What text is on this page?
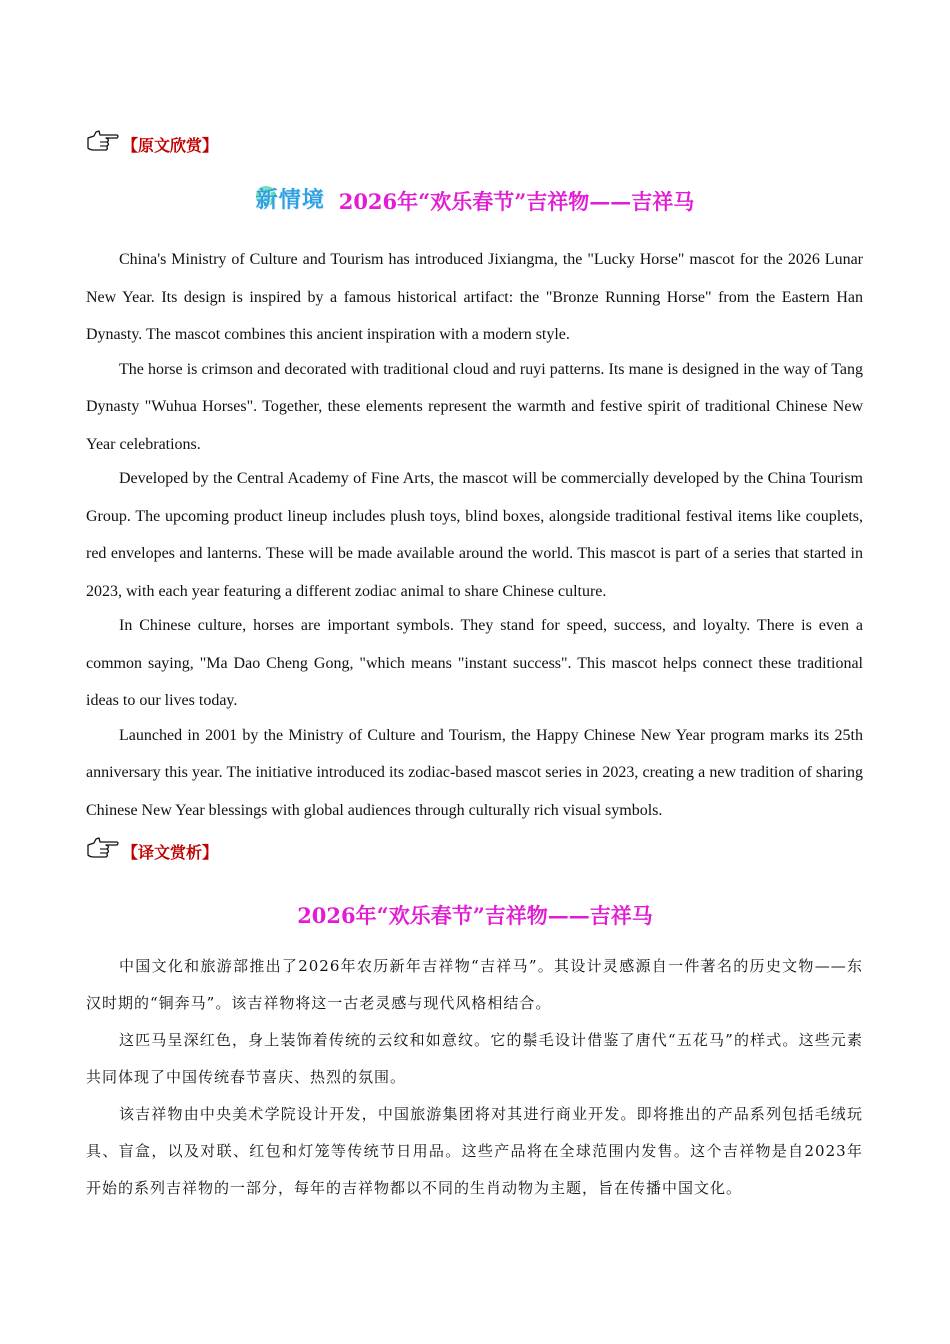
【原文欣赏】
新情境 2026年“欢乐春节”吉祥物——吉祥马

China's Ministry of Culture and Tourism has introduced Jixiangma, the "Lucky Horse" mascot for the 2026 Lunar New Year. Its design is inspired by a famous historical artifact: the "Bronze Running Horse" from the Eastern Han Dynasty. The mascot combines this ancient inspiration with a modern style.

The horse is crimson and decorated with traditional cloud and ruyi patterns. Its mane is designed in the way of Tang Dynasty "Wuhua Horses". Together, these elements represent the warmth and festive spirit of traditional Chinese New Year celebrations.

Developed by the Central Academy of Fine Arts, the mascot will be commercially developed by the China Tourism Group. The upcoming product lineup includes plush toys, blind boxes, alongside traditional festival items like couplets, red envelopes and lanterns. These will be made available around the world. This mascot is part of a series that started in 2023, with each year featuring a different zodiac animal to share Chinese culture.

In Chinese culture, horses are important symbols. They stand for speed, success, and loyalty. There is even a common saying, "Ma Dao Cheng Gong, "which means "instant success". This mascot helps connect these traditional ideas to our lives today.

Launched in 2001 by the Ministry of Culture and Tourism, the Happy Chinese New Year program marks its 25th anniversary this year. The initiative introduced its zodiac-based mascot series in 2023, creating a new tradition of sharing Chinese New Year blessings with global audiences through culturally rich visual symbols.

【译文赏析】
2026年“欢乐春节”吉祥物——吉祥马

中国文化和旅游部推出了2026年农历新年吉祥物“吉祥马”。其设计灵感源自一件著名的历史文物——东汉时期的“铜奔马”。该吉祥物将这一古老灵感与现代风格相结合。

这匹马呈深红色，身上装饰着传统的云纹和如意纹。它的鬃毛设计借鉴了唐代“五花马”的样式。这些元素共同体现了中国传统春节喜庆、热烈的氛围。

该吉祥物由中央美术学院设计开发，中国旅游集团将对其进行商业开发。即将推出的产品系列包括毛绒玩具、盲盒，以及对联、红包和灯笼等传统节日用品。这些产品将在全球范围内发售。这个吉祥物是自2023年开始的系列吉祥物的一部分，每年的吉祥物都以不同的生肖动物为主题，旨在传播中国文化。
